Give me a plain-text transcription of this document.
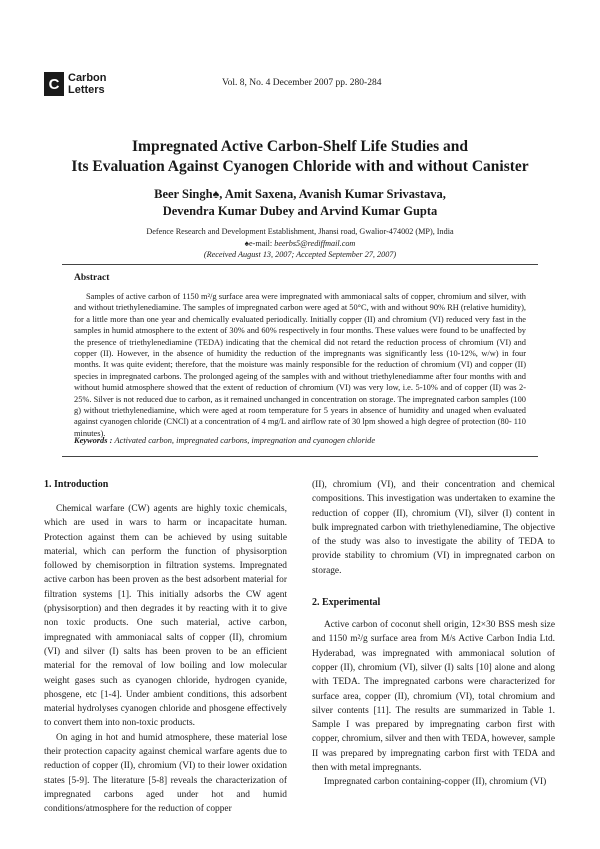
C Carbon
Letters
Vol. 8, No. 4 December 2007 pp. 280-284
Impregnated Active Carbon-Shelf Life Studies and
Its Evaluation Against Cyanogen Chloride with and without Canister
Beer Singh♠, Amit Saxena, Avanish Kumar Srivastava,
Devendra Kumar Dubey and Arvind Kumar Gupta
Defence Research and Development Establishment, Jhansi road, Gwalior-474002 (MP), India
♠e-mail: beerbs5@rediffmail.com
(Received August 13, 2007; Accepted September 27, 2007)
Abstract

Samples of active carbon of 1150 m²/g surface area were impregnated with ammoniacal salts of copper, chromium and silver, with and without triethylenediamine. The samples of impregnated carbon were aged at 50°C, with and without 90% RH (relative humidity), for a little more than one year and chemically evaluated periodically. Initially copper (II) and chromium (VI) reduced very fast in the samples in humid atmosphere to the extent of 30% and 60% respectively in four months. These values were found to be unaffected by the presence of triethylenediamine (TEDA) indicating that the chemical did not retard the reduction process of chromium (VI) and copper (II). However, in the absence of humidity the reduction of the impregnants was significantly less (10-12%, w/w) in four months. It was quite evident; therefore, that the moisture was mainly responsible for the reduction of chromium (VI) and copper (II) species in impregnated carbons. The prolonged ageing of the samples with and without triethylenediamme after four months with and without humid atmosphere showed that the extent of reduction of chromium (VI) was very low, i.e. 5-10% and of copper (II) was 2-25%. Silver is not reduced due to carbon, as it remained unchanged in concentration on storage. The impregnated carbon samples (100 g) without triethylenediamine, which were aged at room temperature for 5 years in absence of humidity and unaged when evaluated against cyanogen chloride (CNCl) at a concentration of 4 mg/L and airflow rate of 30 lpm showed a high degree of protection (80- 110 minutes).

Keywords : Activated carbon, impregnated carbons, impregnation and cyanogen chloride
1. Introduction

Chemical warfare (CW) agents are highly toxic chemicals, which are used in wars to harm or incapacitate human. Protection against them can be achieved by using suitable material, which can perform the function of physisorption followed by chemisorption in filtration systems. Impregnated active carbon has been proven as the best adsorbent material for filtration systems [1]. This initially adsorbs the CW agent (physisorption) and then degrades it by reacting with it to give non toxic products. One such material, active carbon, impregnated with ammoniacal salts of copper (II), chromium (VI) and silver (I) salts has been proven to be an efficient material for the removal of low boiling and low molecular weight gases such as cyanogen chloride, hydrogen cyanide, phosgene, etc [1-4]. Under ambient conditions, this adsorbent material hydrolyses cyanogen chloride and phosgene effectively to convert them into non-toxic products.

On aging in hot and humid atmosphere, these material lose their protection capacity against chemical warfare agents due to reduction of copper (II), chromium (VI) to their lower oxidation states [5-9]. The literature [5-8] reveals the characterization of impregnated carbons aged under hot and humid conditions/atmosphere for the reduction of copper

(II), chromium (VI), and their concentration and chemical compositions. This investigation was undertaken to examine the reduction of copper (II), chromium (VI), silver (I) content in bulk impregnated carbon with triethylenediamine, The objective of the study was also to investigate the ability of TEDA to provide stability to chromium (VI) in impregnated carbon on storage.

2. Experimental

Active carbon of coconut shell origin, 12×30 BSS mesh size and 1150 m²/g surface area from M/s Active Carbon India Ltd. Hyderabad, was impregnated with ammoniacal solution of copper (II), chromium (VI), silver (I) salts [10] alone and along with TEDA. The impregnated carbons were characterized for surface area, copper (II), chromium (VI), total chromium and silver contents [11]. The results are summarized in Table 1. Sample I was prepared by impregnating carbon first with copper, chromium, silver and then with TEDA, however, sample II was prepared by impregnating carbon first with TEDA and then with metal impregnants.

Impregnated carbon containing-copper (II), chromium (VI)
